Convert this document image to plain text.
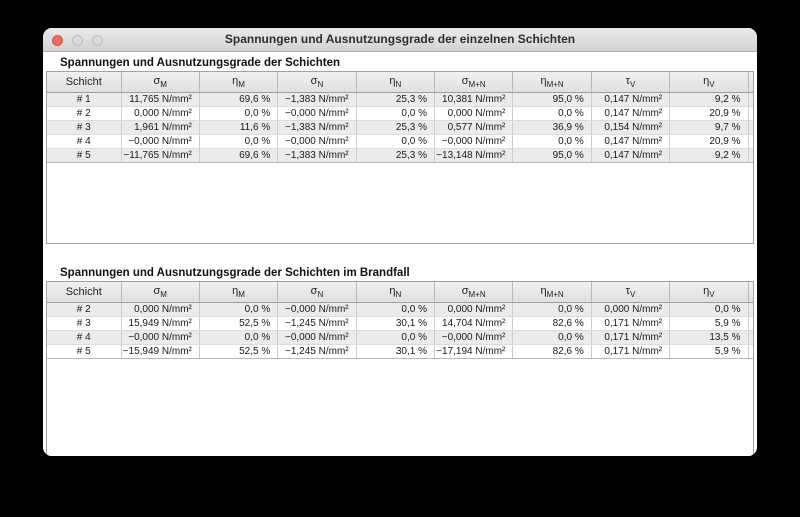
Spannungen und Ausnutzungsgrade der einzelnen Schichten
Spannungen und Ausnutzungsgrade der Schichten
Schicht	$\sigma_M$	$\eta_M$	$\sigma_N$	$\eta_N$	$\sigma_{M+N}$	$\eta_{M+N}$	$\tau_V$	$\eta_V$	
# 1	11,765 N/mm²	69,6 %	−1,383 N/mm²	25,3 %	10,381 N/mm²	95,0 %	0,147 N/mm²	9,2 %	
# 2	0,000 N/mm²	0,0 %	−0,000 N/mm²	0,0 %	0,000 N/mm²	0,0 %	0,147 N/mm²	20,9 %	
# 3	1,961 N/mm²	11,6 %	−1,383 N/mm²	25,3 %	0,577 N/mm²	36,9 %	0,154 N/mm²	9,7 %	
# 4	−0,000 N/mm²	0,0 %	−0,000 N/mm²	0,0 %	−0,000 N/mm²	0,0 %	0,147 N/mm²	20,9 %	
# 5	−11,765 N/mm²	69,6 %	−1,383 N/mm²	25,3 %	−13,148 N/mm²	95,0 %	0,147 N/mm²	9,2 %	
Spannungen und Ausnutzungsgrade der Schichten im Brandfall
Schicht	$\sigma_M$	$\eta_M$	$\sigma_N$	$\eta_N$	$\sigma_{M+N}$	$\eta_{M+N}$	$\tau_V$	$\eta_V$	
# 2	0,000 N/mm²	0,0 %	−0,000 N/mm²	0,0 %	0,000 N/mm²	0,0 %	0,000 N/mm²	0,0 %	
# 3	15,949 N/mm²	52,5 %	−1,245 N/mm²	30,1 %	14,704 N/mm²	82,6 %	0,171 N/mm²	5,9 %	
# 4	−0,000 N/mm²	0,0 %	−0,000 N/mm²	0,0 %	−0,000 N/mm²	0,0 %	0,171 N/mm²	13,5 %	
# 5	−15,949 N/mm²	52,5 %	−1,245 N/mm²	30,1 %	−17,194 N/mm²	82,6 %	0,171 N/mm²	5,9 %	
